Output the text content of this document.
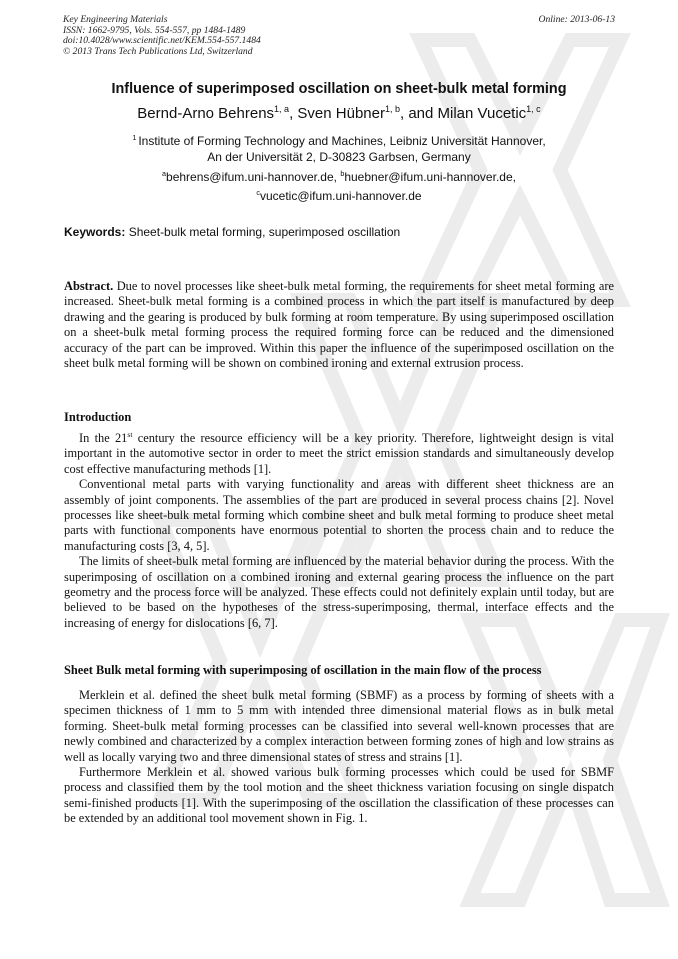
Key Engineering Materials
ISSN: 1662-9795, Vols. 554-557, pp 1484-1489
doi:10.4028/www.scientific.net/KEM.554-557.1484
© 2013 Trans Tech Publications Ltd, Switzerland
Online: 2013-06-13
Influence of superimposed oscillation on sheet-bulk metal forming
Bernd-Arno Behrens$^{1, a}$, Sven Hübner$^{1, b}$, and Milan Vucetic$^{1, c}$
$^1$ Institute of Forming Technology and Machines, Leibniz Universität Hannover,
An der Universität 2, D-30823 Garbsen, Germany
$^a$behrens@ifum.uni-hannover.de, $^b$huebner@ifum.uni-hannover.de,
$^c$vucetic@ifum.uni-hannover.de
Keywords: Sheet-bulk metal forming, superimposed oscillation

Abstract. Due to novel processes like sheet-bulk metal forming, the requirements for sheet metal forming are increased. Sheet-bulk metal forming is a combined process in which the part itself is manufactured by deep drawing and the gearing is produced by bulk forming at room temperature. By using superimposed oscillation on a sheet-bulk metal forming process the required forming force can be reduced and the dimensioned accuracy of the part can be improved. Within this paper the influence of the superimposed oscillation on the sheet bulk metal forming will be shown on combined ironing and external extrusion process.

Introduction

In the 21st century the resource efficiency will be a key priority. Therefore, lightweight design is vital important in the automotive sector in order to meet the strict emission standards and simultaneously develop cost effective manufacturing methods [1].

Conventional metal parts with varying functionality and areas with different sheet thickness are an assembly of joint components. The assemblies of the part are produced in several process chains [2]. Novel processes like sheet-bulk metal forming which combine sheet and bulk metal forming to produce sheet metal parts with functional components have enormous potential to shorten the process chain and to reduce the manufacturing costs [3, 4, 5].

The limits of sheet-bulk metal forming are influenced by the material behavior during the process. With the superimposing of oscillation on a combined ironing and external gearing process the influence on the part geometry and the process force will be analyzed. These effects could not definitely explain until today, but are believed to be based on the hypotheses of the stress-superimposing, thermal, interface effects and the increasing of energy for dislocations [6, 7].

Sheet Bulk metal forming with superimposing of oscillation in the main flow of the process

Merklein et al. defined the sheet bulk metal forming (SBMF) as a process by forming of sheets with a specimen thickness of 1 mm to 5 mm with intended three dimensional material flows as in bulk metal forming. Sheet-bulk metal forming processes can be classified into several well-known processes that are newly combined and characterized by a complex interaction between forming zones of high and low strains as well as locally varying two and three dimensional states of stress and strains [1].

Furthermore Merklein et al. showed various bulk forming processes which could be used for SBMF process and classified them by the tool motion and the sheet thickness variation focusing on single dispatch semi-finished products [1]. With the superimposing of the oscillation the classification of these processes can be extended by an additional tool movement shown in Fig. 1.
